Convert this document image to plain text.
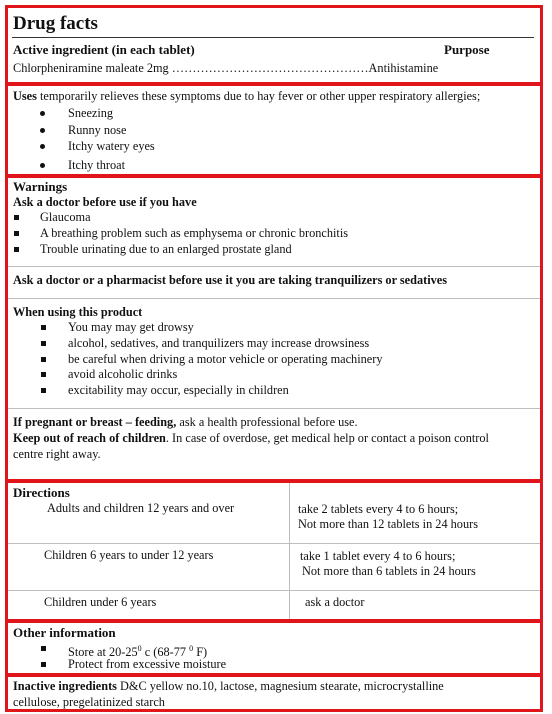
Drug facts
Active ingredient (in each tablet)	Purpose
Chlorpheniramine maleate 2mg …………………………………………Antihistamine
Uses temporarily relieves these symptoms due to hay fever or other upper respiratory allergies;
Sneezing
Runny nose
Itchy watery eyes
Itchy throat
Warnings
Ask a doctor before use if you have
Glaucoma
A breathing problem such as emphysema or chronic bronchitis
Trouble urinating due to an enlarged prostate gland
Ask a doctor or a pharmacist before use it you are taking tranquilizers or sedatives
When using this product
You may may get drowsy
alcohol, sedatives, and tranquilizers may increase drowsiness
be careful when driving a motor vehicle or operating machinery
avoid alcoholic drinks
excitability may occur, especially in children
If pregnant or breast – feeding, ask a health professional before use.
Keep out of reach of children. In case of overdose, get medical help or contact a poison control
centre right away.
Directions
Adults and children 12 years and over	take 2 tablets every 4 to 6 hours;
Not more than 12 tablets in 24 hours
Children 6 years to under 12 years	take 1 tablet every 4 to 6 hours;
Not more than 6 tablets in 24 hours
Children under 6 years	ask a doctor
Other information
Store at $20-25^0$ c (68-77 $^0$ F)
Protect from excessive moisture
Inactive ingredients D&C yellow no.10, lactose, magnesium stearate, microcrystalline
cellulose, pregelatinized starch
